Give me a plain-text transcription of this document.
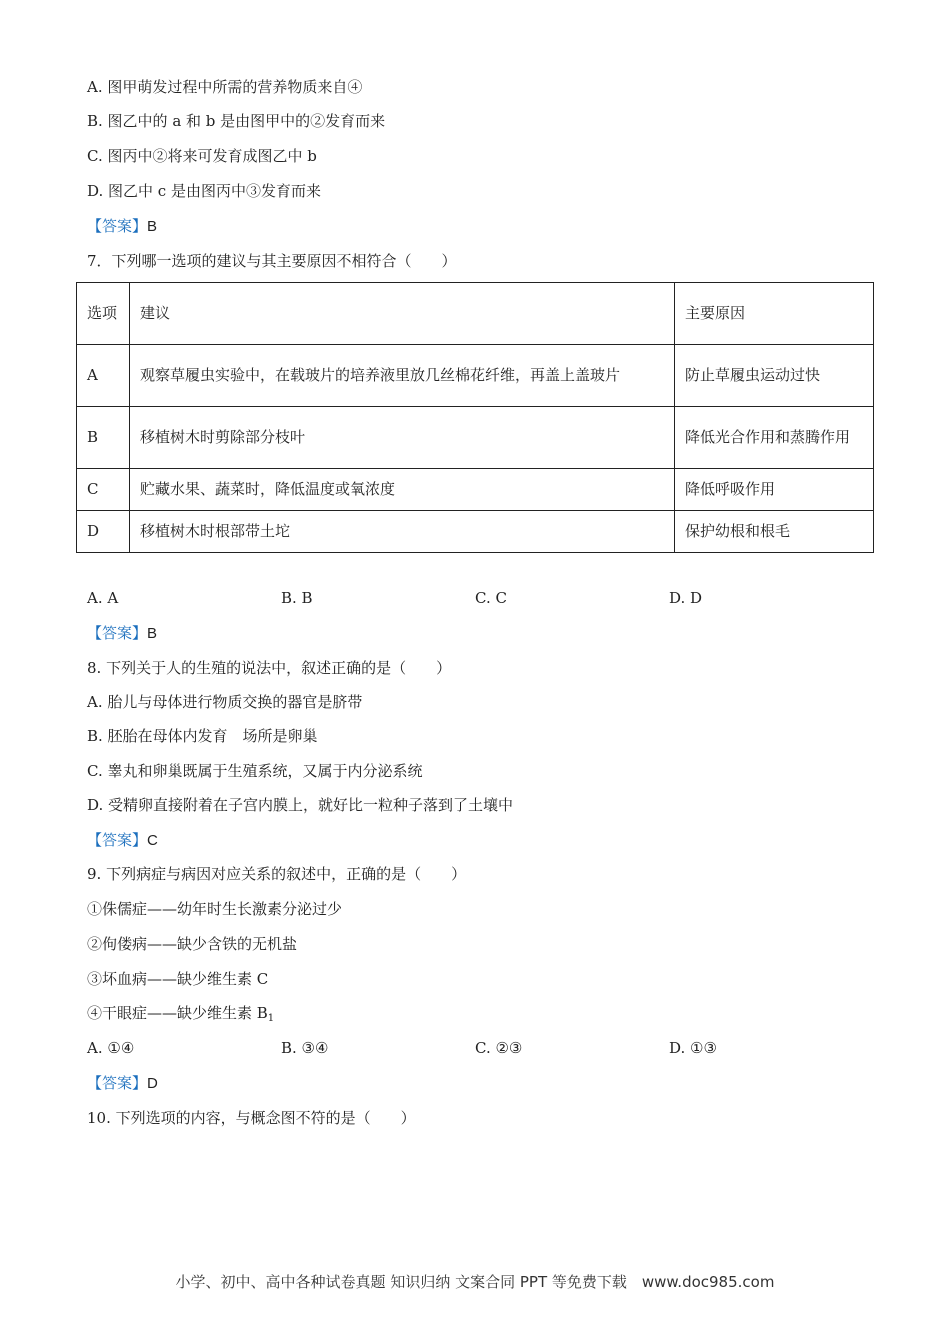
A. 图甲萌发过程中所需的营养物质来自④
B. 图乙中的 a 和 b 是由图甲中的②发育而来
C. 图丙中②将来可发育成图乙中 b
D. 图乙中 c 是由图丙中③发育而来
【答案】B
7．下列哪一选项的建议与其主要原因不相符合（　　）
选项	建议	主要原因
A	观察草履虫实验中，在载玻片的培养液里放几丝棉花纤维，再盖上盖玻片	防止草履虫运动过快
B	移植树木时剪除部分枝叶	降低光合作用和蒸腾作用
C	贮藏水果、蔬菜时，降低温度或氧浓度	降低呼吸作用
D	移植树木时根部带土坨	保护幼根和根毛
A. A	B. B	C. C	D. D
【答案】B
8. 下列关于人的生殖的说法中，叙述正确的是（　　）
A. 胎儿与母体进行物质交换的器官是脐带
B. 胚胎在母体内发育　场所是卵巢
C. 睾丸和卵巢既属于生殖系统，又属于内分泌系统
D. 受精卵直接附着在子宫内膜上，就好比一粒种子落到了土壤中
【答案】C
9. 下列病症与病因对应关系的叙述中，正确的是（　　）
①侏儒症——幼年时生长激素分泌过少
②佝偻病——缺少含铁的无机盐
③坏血病——缺少维生素 C
④干眼症——缺少维生素 $B_1$
A. ①④	B. ③④	C. ②③	D. ①③
【答案】D
10. 下列选项的内容，与概念图不符的是（　　）
小学、初中、高中各种试卷真题 知识归纳 文案合同 PPT 等免费下载　www.doc985.com
